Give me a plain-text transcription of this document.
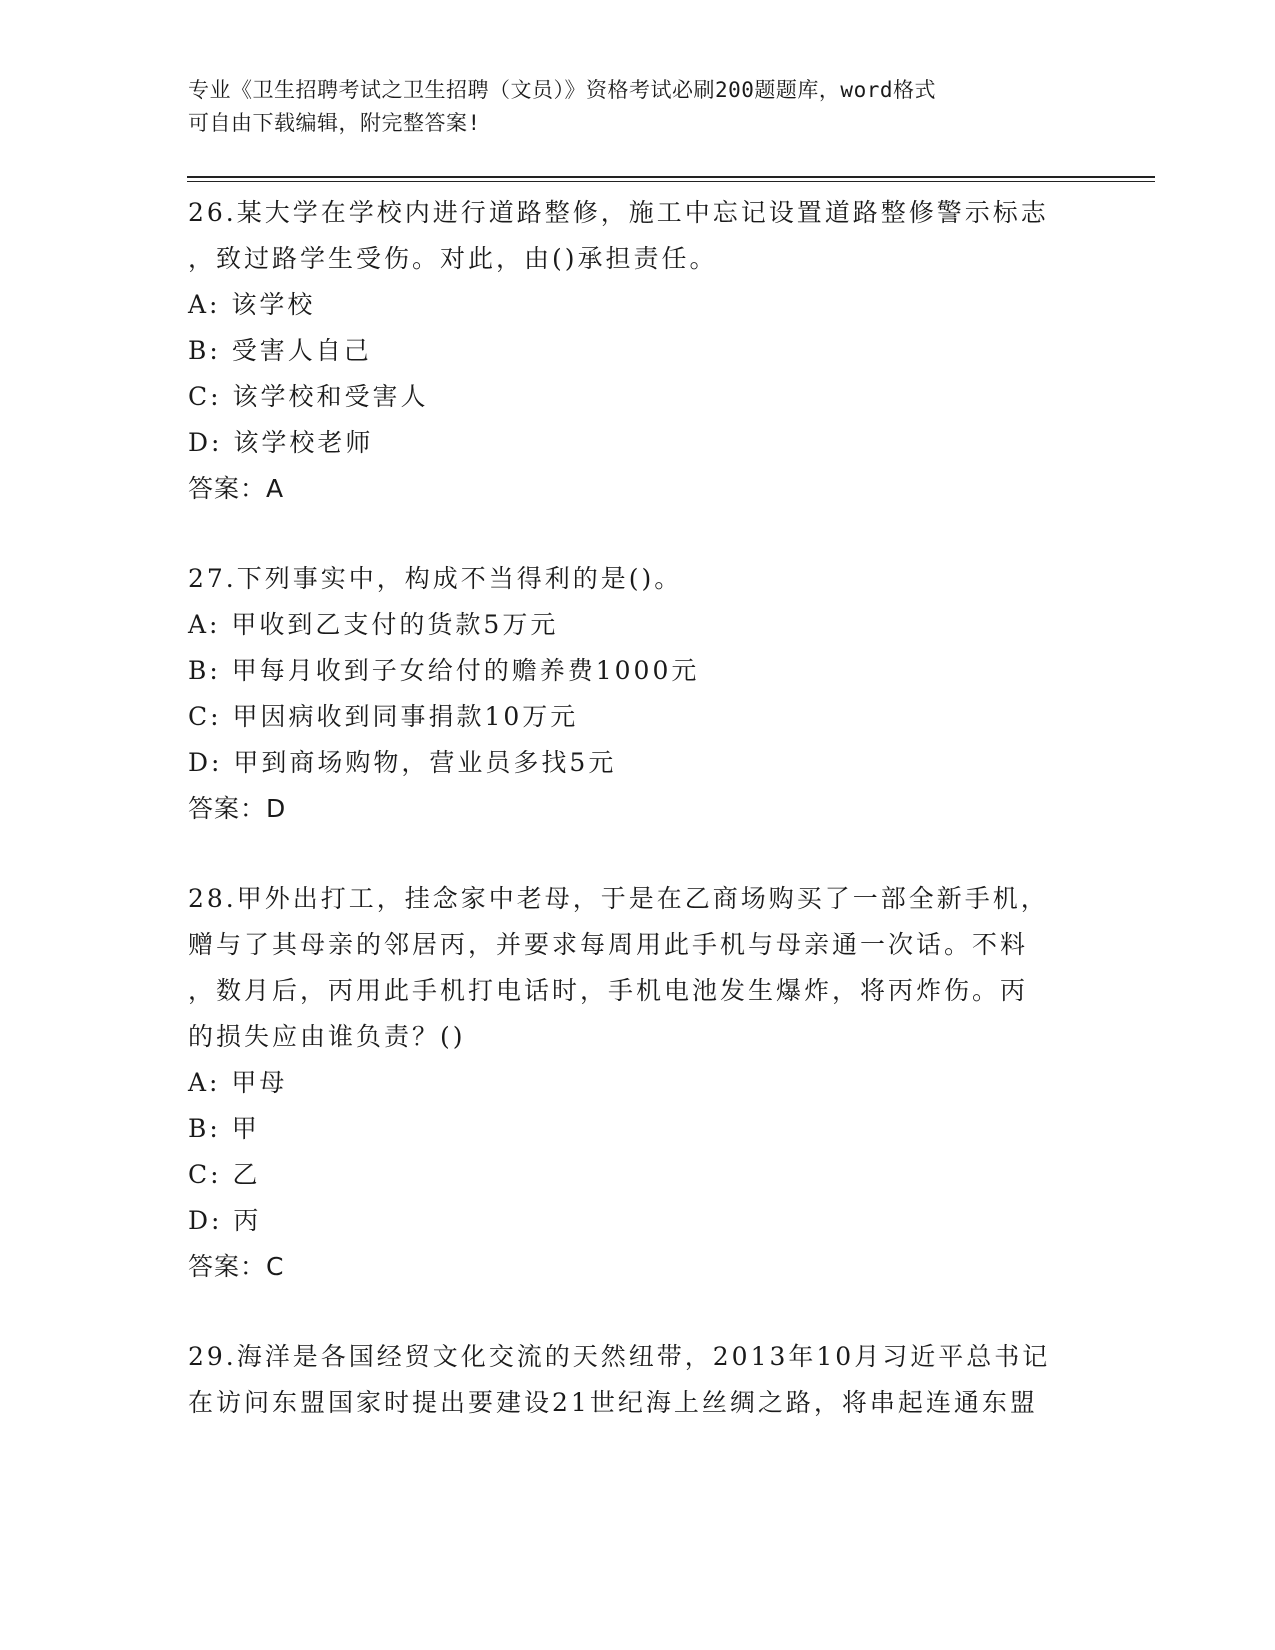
专业《卫生招聘考试之卫生招聘（文员）》资格考试必刷200题题库，word格式
可自由下载编辑，附完整答案!
26.某大学在学校内进行道路整修，施工中忘记设置道路整修警示标志
，致过路学生受伤。对此，由()承担责任。
A: 该学校
B: 受害人自己
C: 该学校和受害人
D: 该学校老师
答案：A
27.下列事实中，构成不当得利的是()。
A: 甲收到乙支付的货款5万元
B: 甲每月收到子女给付的赡养费1000元
C: 甲因病收到同事捐款10万元
D: 甲到商场购物，营业员多找5元
答案：D
28.甲外出打工，挂念家中老母，于是在乙商场购买了一部全新手机，
赠与了其母亲的邻居丙，并要求每周用此手机与母亲通一次话。不料
，数月后，丙用此手机打电话时，手机电池发生爆炸，将丙炸伤。丙
的损失应由谁负责？()
A: 甲母
B: 甲
C: 乙
D: 丙
答案：C
29.海洋是各国经贸文化交流的天然纽带，2013年10月习近平总书记
在访问东盟国家时提出要建设21世纪海上丝绸之路，将串起连通东盟
